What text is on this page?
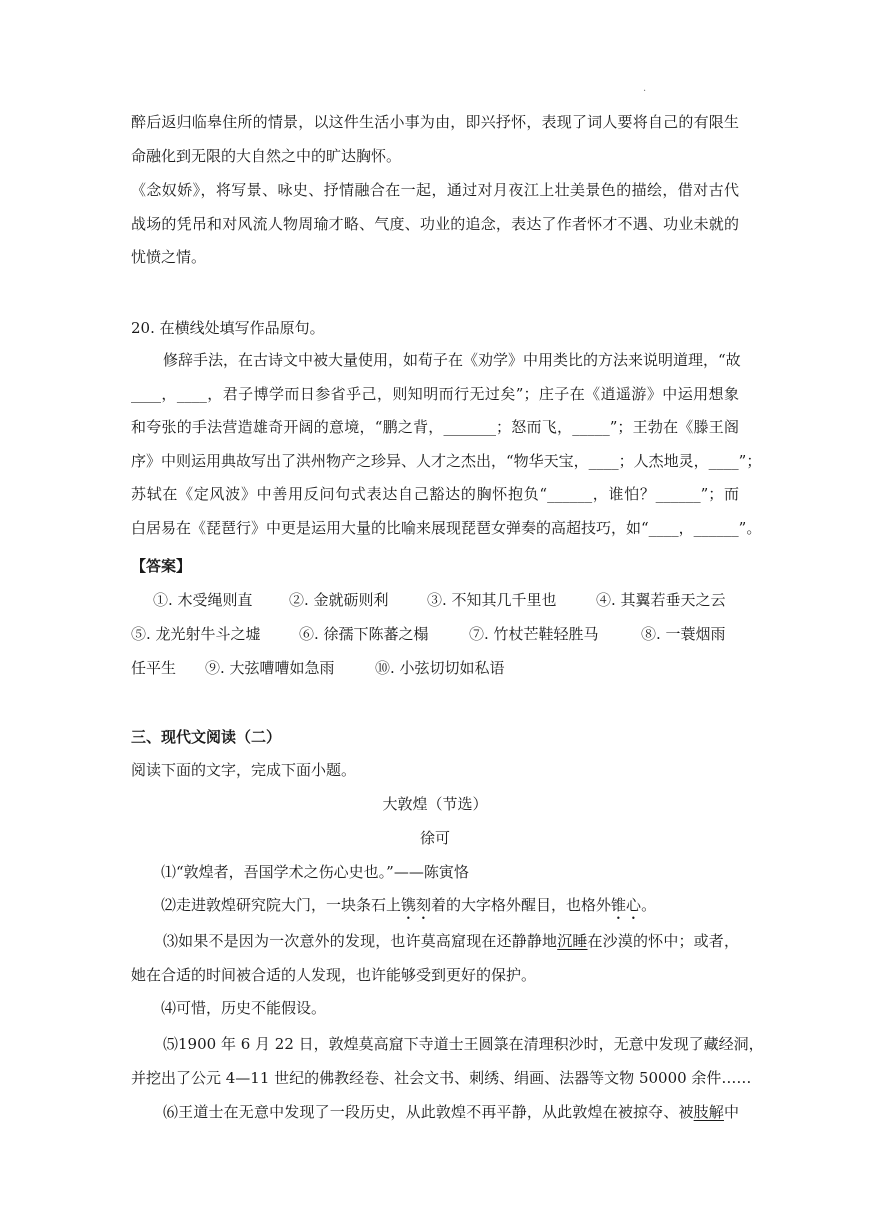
·
醉后返归临皋住所的情景，以这件生活小事为由，即兴抒怀，表现了词人要将自己的有限生
命融化到无限的大自然之中的旷达胸怀。
《念奴娇》，将写景、咏史、抒情融合在一起，通过对月夜江上壮美景色的描绘，借对古代
战场的凭吊和对风流人物周瑜才略、气度、功业的追念，表达了作者怀才不遇、功业未就的
忧愤之情。
20. 在横线处填写作品原句。
修辞手法，在古诗文中被大量使用，如荀子在《劝学》中用类比的方法来说明道理，“故
____，____，君子博学而日参省乎己，则知明而行无过矣”；庄子在《逍遥游》中运用想象
和夸张的手法营造雄奇开阔的意境，“鹏之背，_______；怒而飞，_____”；王勃在《滕王阁
序》中则运用典故写出了洪州物产之珍异、人才之杰出，“物华天宝，____；人杰地灵，____”；
苏轼在《定风波》中善用反问句式表达自己豁达的胸怀抱负“______，谁怕？______”；而
白居易在《琵琶行》中更是运用大量的比喻来展现琵琶女弹奏的高超技巧，如“____，______”。
【答案】
①. 木受绳则直 ②. 金就砺则利	③. 不知其几千里也	④. 其翼若垂天之云
⑤. 龙光射牛斗之墟	⑥. 徐孺下陈蕃之榻	⑦. 竹杖芒鞋轻胜马	⑧. 一蓑烟雨
任平生 ⑨. 大弦嘈嘈如急雨	⑩. 小弦切切如私语
三、现代文阅读（二）
阅读下面的文字，完成下面小题。
大敦煌（节选）
徐可
⑴“敦煌者，吾国学术之伤心史也。”——陈寅恪
⑵走进敦煌研究院大门，一块条石上镌刻着的大字格外醒目，也格外锥心。
⑶如果不是因为一次意外的发现，也许莫高窟现在还静静地沉睡在沙漠的怀中；或者，
她在合适的时间被合适的人发现，也许能够受到更好的保护。
⑷可惜，历史不能假设。
⑸1900 年 6 月 22 日，敦煌莫高窟下寺道士王圆箓在清理积沙时，无意中发现了藏经洞，
并挖出了公元 4—11 世纪的佛教经卷、社会文书、刺绣、绢画、法器等文物 50000 余件……
⑹王道士在无意中发现了一段历史，从此敦煌不再平静，从此敦煌在被掠夺、被肢解中
